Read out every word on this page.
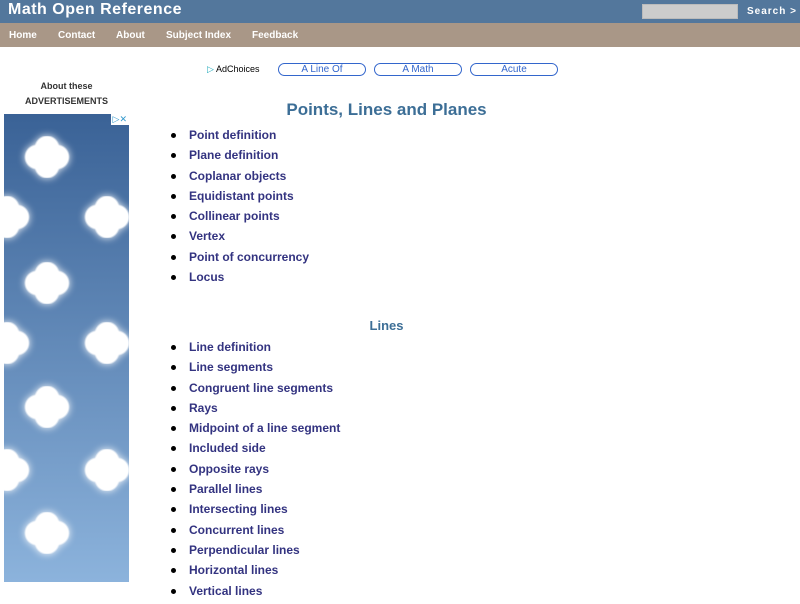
Math Open Reference	Search >
Home Contact About Subject Index Feedback
▷ AdChoices	A Line Of	A Math	Acute
About these
ADVERTISEMENTS
▷✕	Points, Lines and Planes
Point definition
Plane definition
Coplanar objects
Equidistant points
Collinear points
Vertex
Point of concurrency
Locus
Lines
Line definition
Line segments
Congruent line segments
Rays
Midpoint of a line segment
Included side
Opposite rays
Parallel lines
Intersecting lines
Concurrent lines
Perpendicular lines
Horizontal lines
Vertical lines
